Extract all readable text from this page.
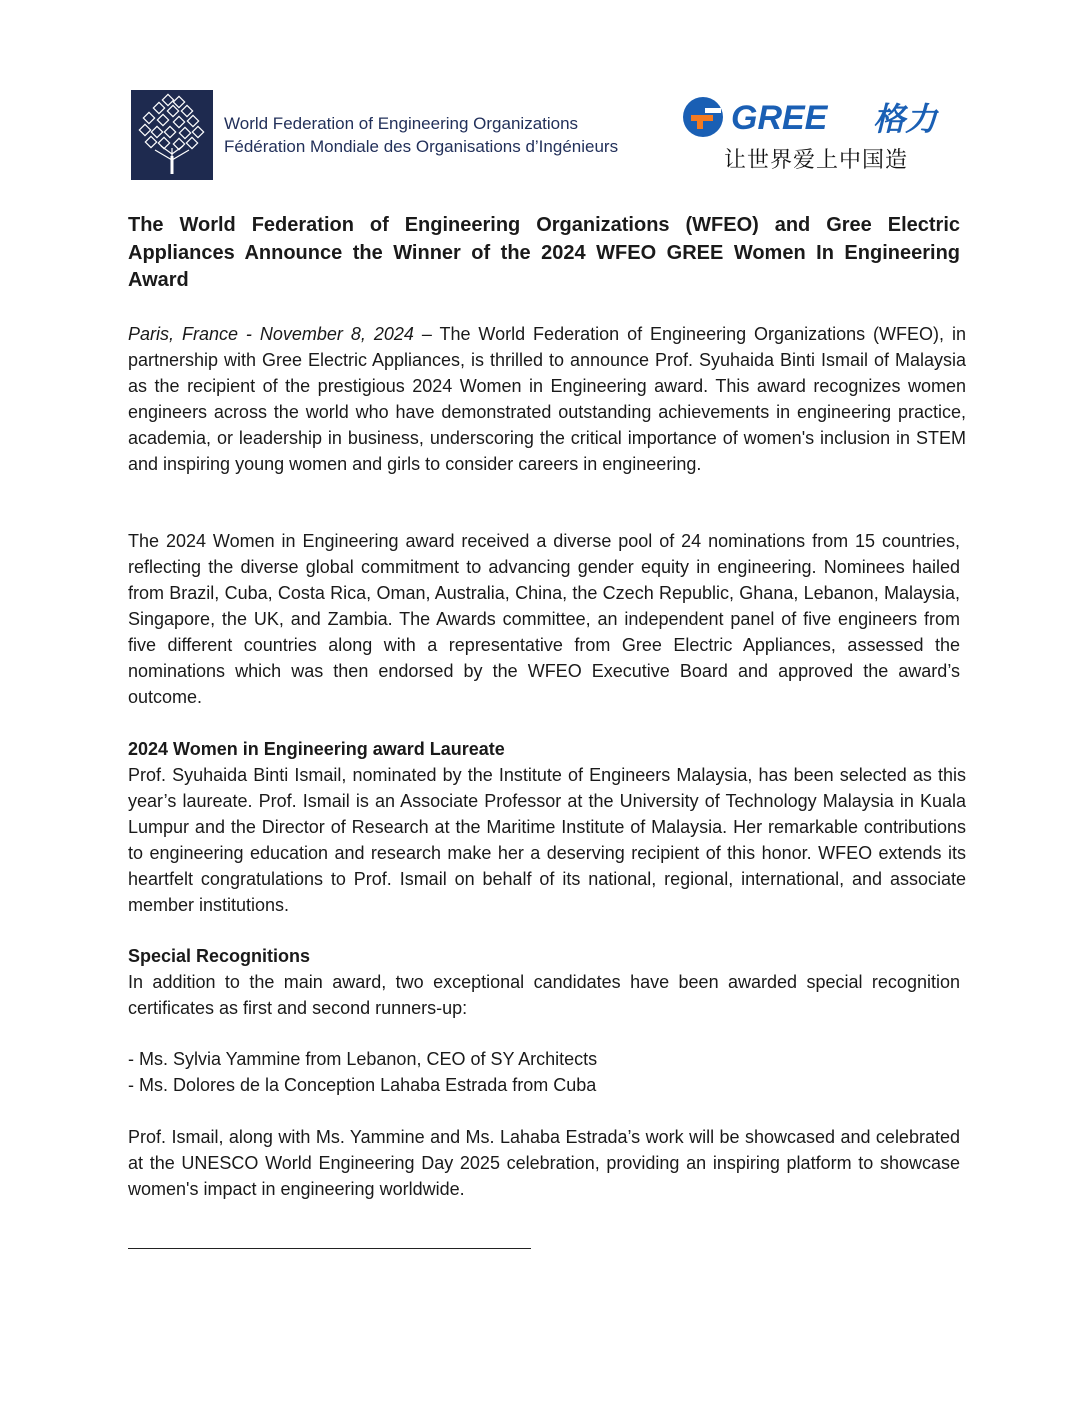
World Federation of Engineering Organizations
Fédération Mondiale des Organisations d’Ingénieurs
GREE 格力
让世界爱上中国造
The World Federation of Engineering Organizations (WFEO) and Gree Electric Appliances Announce the Winner of the 2024 WFEO GREE Women In Engineering Award

Paris, France - November 8, 2024 – The World Federation of Engineering Organizations (WFEO), in partnership with Gree Electric Appliances, is thrilled to announce Prof. Syuhaida Binti Ismail of Malaysia as the recipient of the prestigious 2024 Women in Engineering award. This award recognizes women engineers across the world who have demonstrated outstanding achievements in engineering practice, academia, or leadership in business, underscoring the critical importance of women's inclusion in STEM and inspiring young women and girls to consider careers in engineering.

The 2024 Women in Engineering award received a diverse pool of 24 nominations from 15 countries, reflecting the diverse global commitment to advancing gender equity in engineering. Nominees hailed from Brazil, Cuba, Costa Rica, Oman, Australia, China, the Czech Republic, Ghana, Lebanon, Malaysia, Singapore, the UK, and Zambia. The Awards committee, an independent panel of five engineers from five different countries along with a representative from Gree Electric Appliances, assessed the nominations which was then endorsed by the WFEO Executive Board and approved the award’s outcome.

2024 Women in Engineering award Laureate

Prof. Syuhaida Binti Ismail, nominated by the Institute of Engineers Malaysia, has been selected as this year’s laureate. Prof. Ismail is an Associate Professor at the University of Technology Malaysia in Kuala Lumpur and the Director of Research at the Maritime Institute of Malaysia. Her remarkable contributions to engineering education and research make her a deserving recipient of this honor. WFEO extends its heartfelt congratulations to Prof. Ismail on behalf of its national, regional, international, and associate member institutions.

Special Recognitions

In addition to the main award, two exceptional candidates have been awarded special recognition certificates as first and second runners-up:

- Ms. Sylvia Yammine from Lebanon, CEO of SY Architects
- Ms. Dolores de la Conception Lahaba Estrada from Cuba

Prof. Ismail, along with Ms. Yammine and Ms. Lahaba Estrada’s work will be showcased and celebrated at the UNESCO World Engineering Day 2025 celebration, providing an inspiring platform to showcase women's impact in engineering worldwide.
